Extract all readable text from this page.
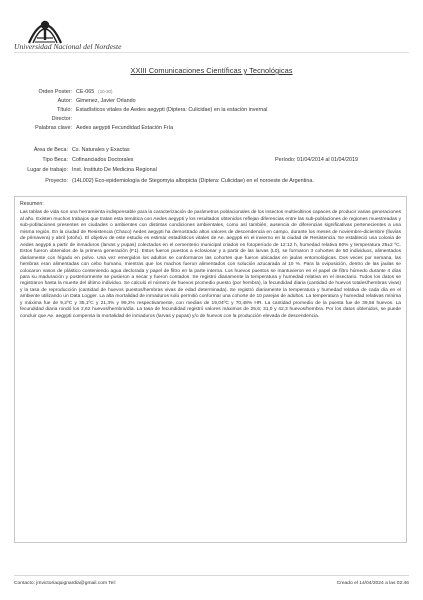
Universidad Nacional del Nordeste
XXIII Comunicaciones Científicas y Tecnológicas
Orden Poster: CE-065 (10-30)
Autor: Gimenez, Javier Orlando
Título: Estadísticos vitales de Aedes aegypti (Diptera: Culicidae) en la estación invernal
Director:
Palabras clave: Aedes aegypti Fecundidad Estación Fría
Área de Beca: Cs. Naturales y Exactas
Tipo Beca: Cofinanciados Doctorales	Período: 01/04/2014 al 01/04/2019
Lugar de trabajo: Inst. Instituto De Medicina Regional
Proyecto: (14L002) Eco-epidemiología de Stegomyia albopicta (Diptera: Culicidae) en el noroeste de Argentina.

Resumen:

Las tablas de vida son una herramienta indispensable para la caracterización de parámetros poblacionales de los insectos multivoltinos capaces de producir varias generaciones al año. Existen muchos trabajos que tratan esta temática con Aedes aegypti y los resultados obtenidos reflejan diferencias entre las sub-poblaciones de regiones muestreadas y sub-poblaciones presentes en ciudades o ambientes con distintas condiciones ambientales, como así también, ausencia de diferencias significativas pertenecientes a una misma región. En la ciudad de Resistencia (Chaco) Aedes aegypti ha demostrado altos valores de descendencia en campo, durante los meses de noviembre-diciembre (lluvias de primavera) y abril (otoño). El objetivo de este estudio es estimar estadísticos vitales de Ae. aegypti en el invierno en la ciudad de Resistencia. Se estableció una colonia de Aedes aegypti a partir de inmaduros (larvas y pupas) colectados en el cementerio municipal criados en fotoperíodo de 12:12 h, humedad relativa 60% y temperatura 25±2 ºC. Estos fueron obtenidos de la primera generación (F1). Estos fueron puestos a eclosionar y a partir de las larvas (L0), se formaron 3 cohortes de 50 individuos, alimentados diariamente con hígado en polvo. Una vez emergidos los adultos se conformaron las cohortes que fueron ubicadas en jaulas entomológicas. Dos veces por semana, las hembras eran alimentadas con cebo humano, mientras que los machos fueron alimentados con solución azucarada al 10 %. Para la oviposición, dentro de las jaulas se colocaron vasos de plástico conteniendo agua declorada y papel de filtro en la parte interna. Los huevos puestos se mantuvieron en el papel de filtro húmedo durante 4 días para su maduración y posteriormente se pusieron a secar y fueron contados. Se registró diariamente la temperatura y humedad relativa en el insectario. Todos los datos se registraron hasta la muerte del último individuo. Se calculó el número de huevos promedio puesto (por hembra), la fecundidad diaria (cantidad de huevos totales/hembras vivas) y la tasa de reproducción (cantidad de huevos puestos/hembras vivas de edad determinada). Se registró diariamente la temperatura y humedad relativa de cada día en el ambiente utilizando un Data Logger. La alta mortalidad de inmaduros solo permitió conformar una cohorte de 10 parejas de adultos. La temperatura y humedad relativas mínima y máxima fue de 9,2ºC y 35,1ºC y 21,3% y 99,2% respectivamente, con medias de 19,04ºC y 70,48% HR. La cantidad promedio de la puesta fue de 39,56 huevos. La fecundidad diaria rondó los 2,62 huevos/hembra/día. La tasa de fecundidad registró valores máximos de 25,6; 31,0 y 42,3 huevos/hembra. Por los datos obtenidos, se puede concluir que Ae. aegypti compensa la mortalidad de inmaduros (larvas y pupas) y/o de huevos con la producción elevada de descendencia.

Contacto: jmvictoriaquignardia@gmail.com Tel:	Creado el 14/04/2024 a las 02:46
